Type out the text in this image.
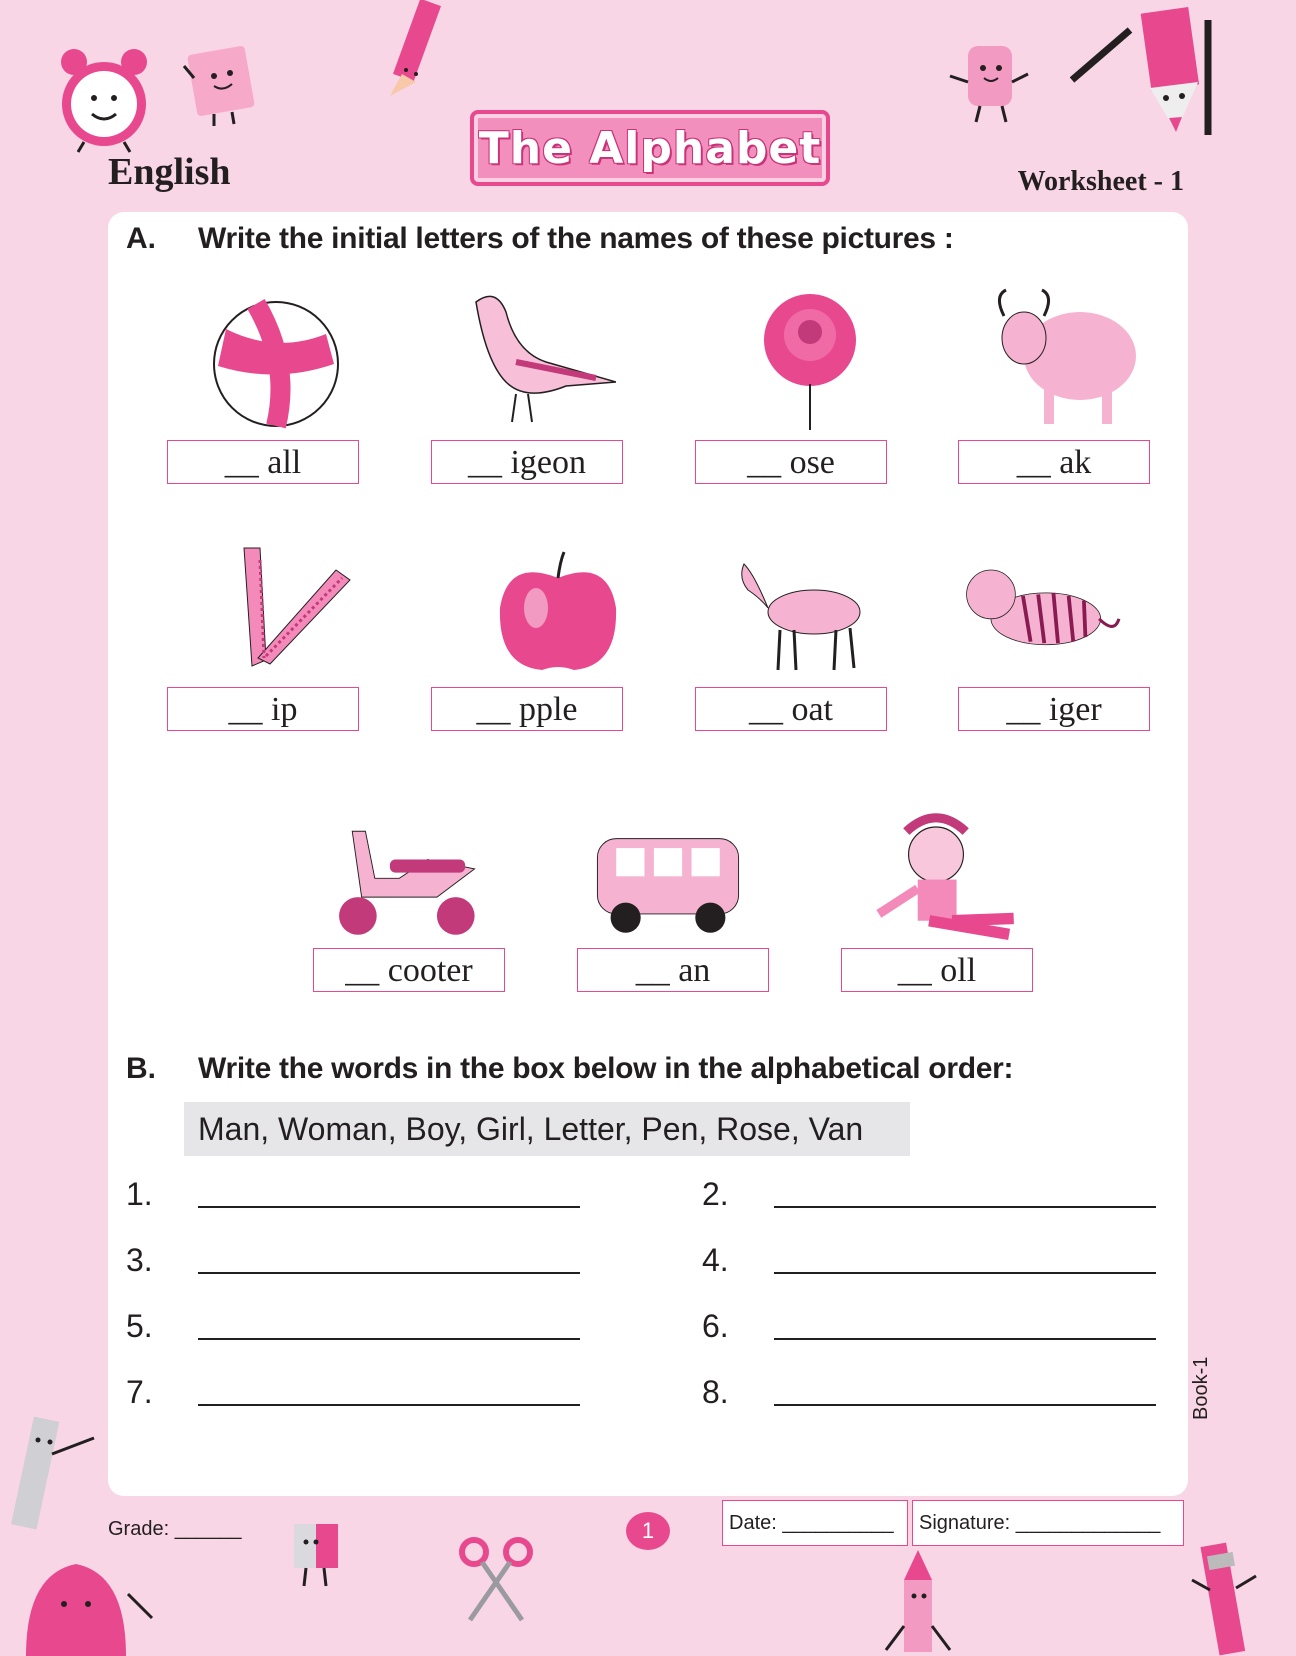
The Alphabet
English	Worksheet - 1
A. Write the initial letters of the names of these pictures :
__ all	__ igeon	__ ose	__ ak
__ ip	__ pple	__ oat	__ iger
__ cooter	__ an	__ oll
B. Write the words in the box below in the alphabetical order:
Man, Woman, Boy, Girl, Letter, Pen, Rose, Van
1.	2.
3.	4.
5.	6.
7.	8.	Book-1
Grade: ______	1	Date: __________ Signature: _____________
